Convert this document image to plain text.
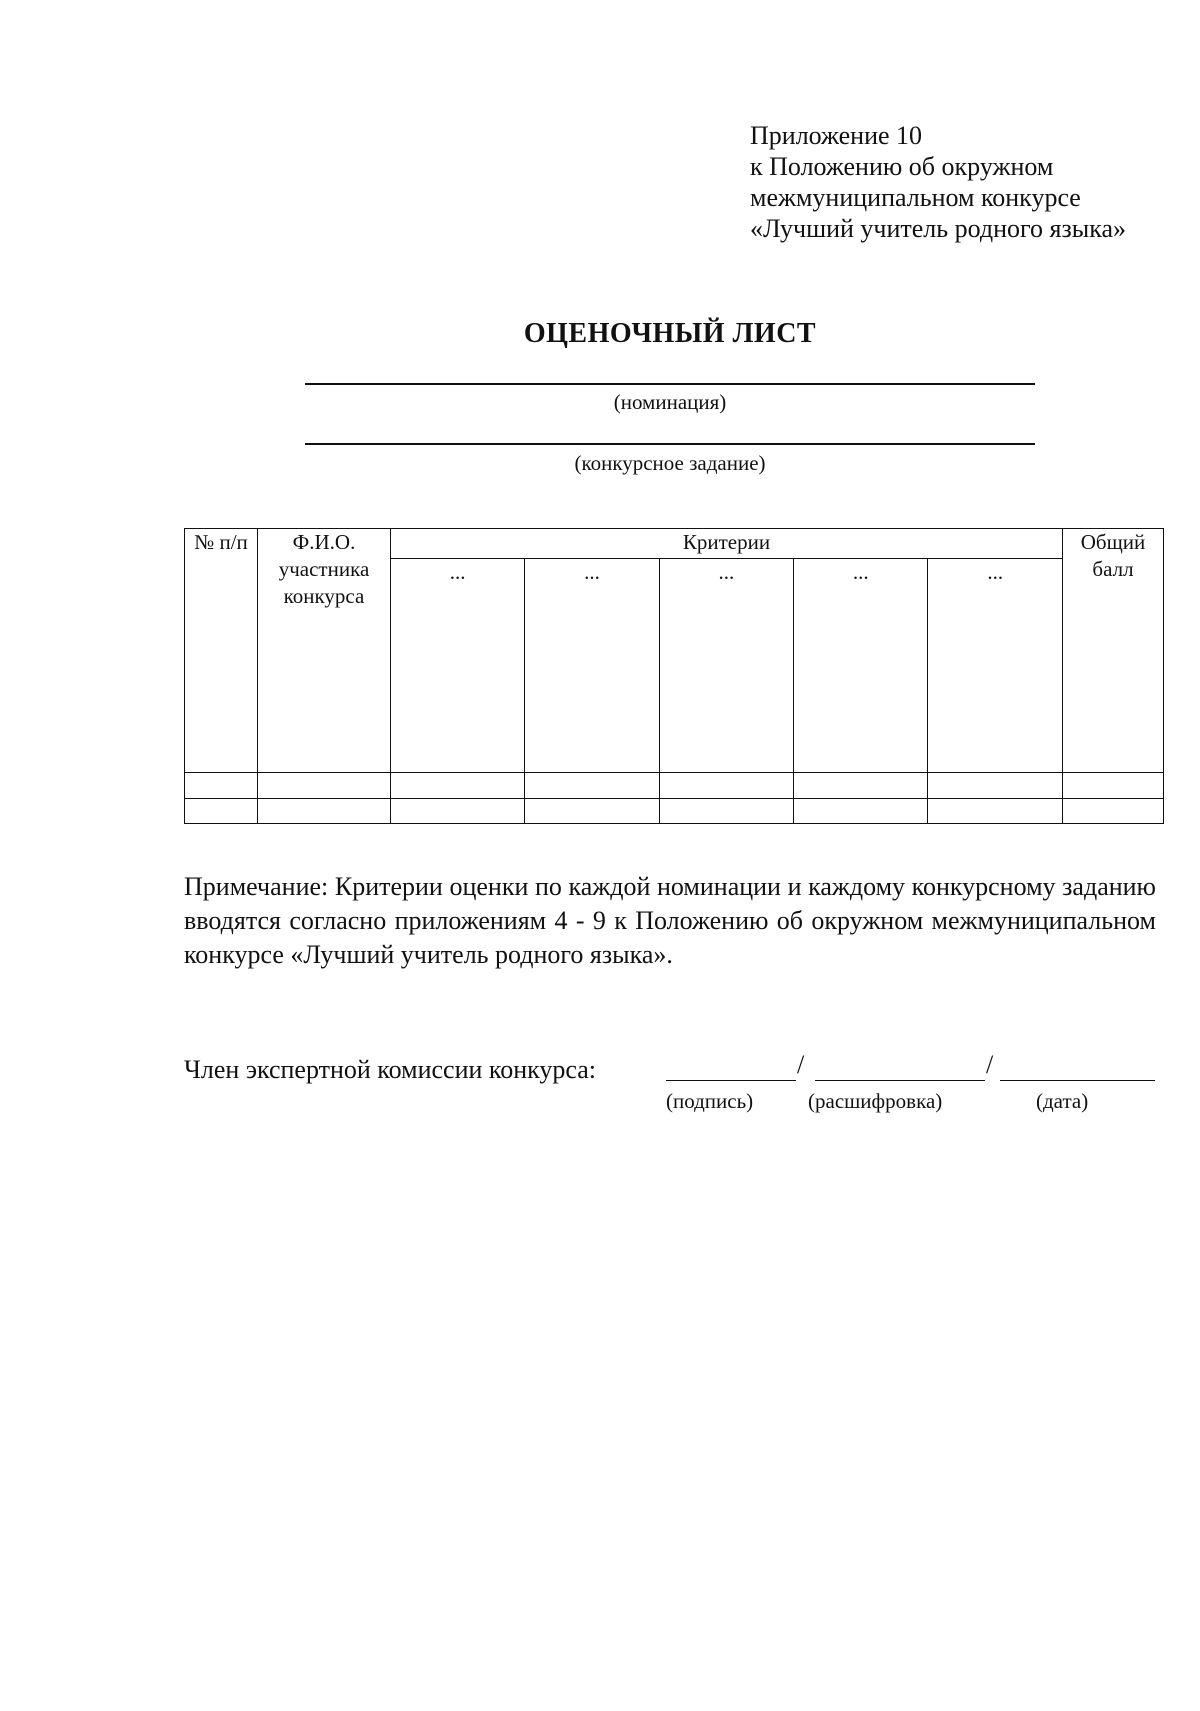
Приложение 10
к Положению об окружном
межмуниципальном конкурсе
«Лучший учитель родного языка»
ОЦЕНОЧНЫЙ ЛИСТ
(номинация)
(конкурсное задание)
№ п/п	Ф.И.О. участника конкурса	Критерии					Общий балл
		...	...	...	...	...	

Примечание: Критерии оценки по каждой номинации и каждому конкурсному заданию вводятся согласно приложениям 4 - 9 к Положению об окружном межмуниципальном конкурсе «Лучший учитель родного языка».
Член экспертной комиссии конкурса:	/	/
(подпись)	(расшифровка)	(дата)
